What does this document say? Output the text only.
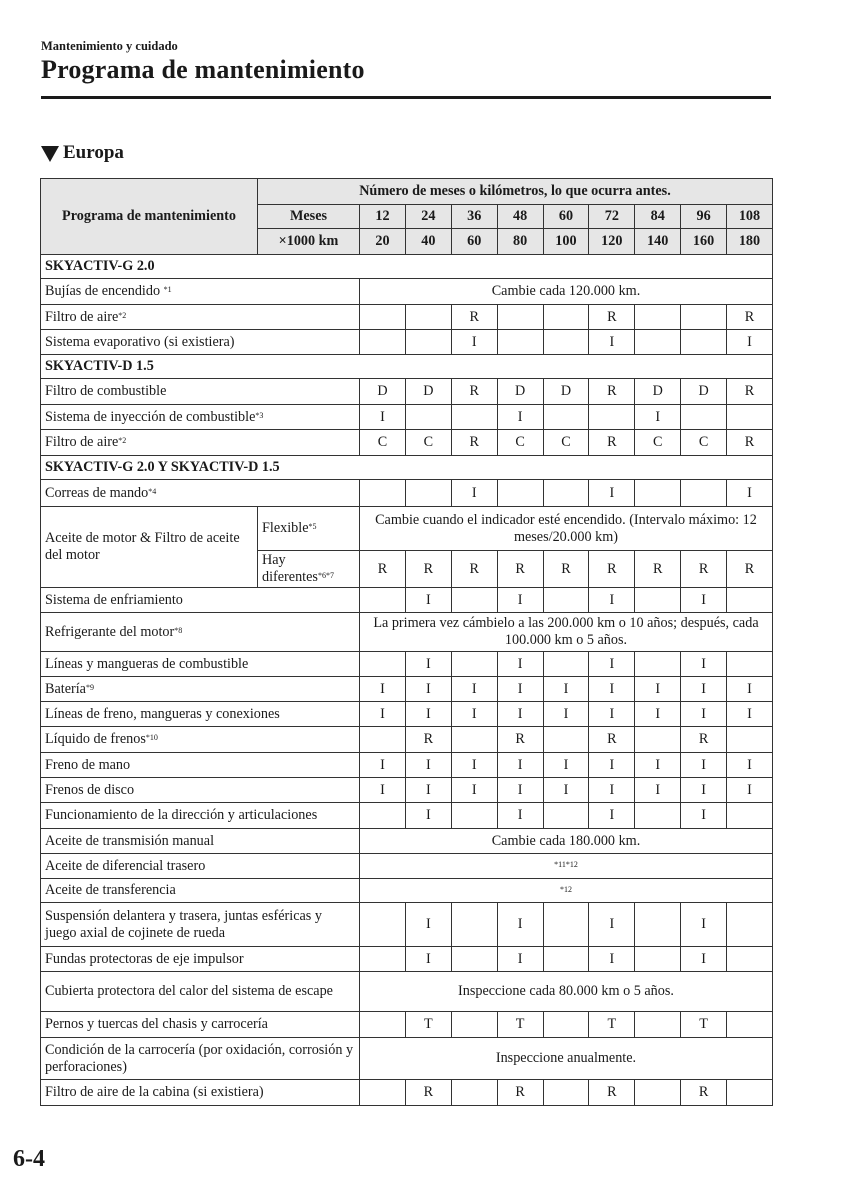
Mantenimiento y cuidado
Programa de mantenimiento
Europa
Programa de mantenimiento	Número de meses o kilómetros, lo que ocurra antes.									
	Meses	12	24	36	48	60	72	84	96	108
	×1000 km	20	40	60	80	100	120	140	160	180
SKYACTIV-G 2.0										
Bujías de encendido $^{*1}$		Cambie cada 120.000 km.								
Filtro de aire$^{*2}$				R			R			R
Sistema evaporativo (si existiera)				I			I			I
SKYACTIV-D 1.5										
Filtro de combustible		D	D	R	D	D	R	D	D	R
Sistema de inyección de combustible$^{*3}$		I			I			I		
Filtro de aire$^{*2}$		C	C	R	C	C	R	C	C	R
SKYACTIV-G 2.0 Y SKYACTIV-D 1.5										
Correas de mando$^{*4}$				I			I			I
Aceite de motor & Filtro de aceite del motor	Flexible$^{*5}$	Cambie cuando el indicador esté encendido. (Intervalo máximo: 12 meses/20.000 km)								
	Hay diferentes$^{*6*7}$	R	R	R	R	R	R	R	R	R
Sistema de enfriamiento			I		I		I		I	
Refrigerante del motor$^{*8}$		La primera vez cámbielo a las 200.000 km o 10 años; después, cada 100.000 km o 5 años.								
Líneas y mangueras de combustible			I		I		I		I	
Batería$^{*9}$		I	I	I	I	I	I	I	I	I
Líneas de freno, mangueras y conexiones		I	I	I	I	I	I	I	I	I
Líquido de frenos$^{*10}$			R		R		R		R	
Freno de mano		I	I	I	I	I	I	I	I	I
Frenos de disco		I	I	I	I	I	I	I	I	I
Funcionamiento de la dirección y articulaciones			I		I		I		I	
Aceite de transmisión manual		Cambie cada 180.000 km.								
Aceite de diferencial trasero		*11*12								
Aceite de transferencia		*12								
Suspensión delantera y trasera, juntas esféricas y juego axial de cojinete de rueda			I		I		I		I	
Fundas protectoras de eje impulsor			I		I		I		I	
Cubierta protectora del calor del sistema de escape		Inspeccione cada 80.000 km o 5 años.								
Pernos y tuercas del chasis y carrocería			T		T		T		T	
Condición de la carrocería (por oxidación, corrosión y perforaciones)		Inspeccione anualmente.								
Filtro de aire de la cabina (si existiera)			R		R		R		R	
6-4
